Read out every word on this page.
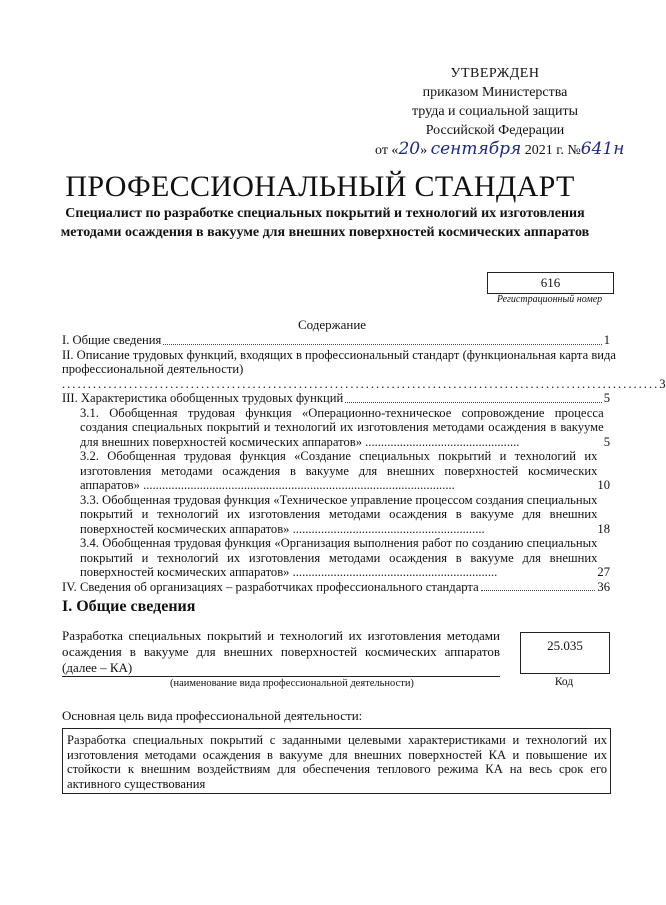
УТВЕРЖДЕН
приказом Министерства
труда и социальной защиты
Российской Федерации
от «20» сентября 2021 г. №641н
ПРОФЕССИОНАЛЬНЫЙ СТАНДАРТ
Специалист по разработке специальных покрытий и технологий их изготовления методами осаждения в вакууме для внешних поверхностей космических аппаратов
616
Регистрационный номер
Содержание
I. Общие сведения	1
II. Описание трудовых функций, входящих в профессиональный стандарт (функциональная карта вида профессиональной деятельности) .................................................................................................................... 3
III. Характеристика обобщенных трудовых функций	5
3.1. Обобщенная трудовая функция «Операционно-техническое сопровождение процесса создания специальных покрытий и технологий их изготовления методами осаждения в вакууме для внешних поверхностей космических аппаратов» .................................................	5
3.2. Обобщенная трудовая функция «Создание специальных покрытий и технологий их изготовления методами осаждения в вакууме для внешних поверхностей космических аппаратов» ...................................................................................................	10
3.3. Обобщенная трудовая функция «Техническое управление процессом создания специальных покрытий и технологий их изготовления методами осаждения в вакууме для внешних поверхностей космических аппаратов» .............................................................	18
3.4. Обобщенная трудовая функция «Организация выполнения работ по созданию специальных покрытий и технологий их изготовления методами осаждения в вакууме для внешних поверхностей космических аппаратов» .................................................................	27
IV. Сведения об организациях – разработчиках профессионального стандарта	36
I. Общие сведения
Разработка специальных покрытий и технологий их изготовления методами осаждения в вакууме для внешних поверхностей космических аппаратов (далее – КА)
(наименование вида профессиональной деятельности)
25.035
Код
Основная цель вида профессиональной деятельности:
Разработка специальных покрытий с заданными целевыми характеристиками и технологий их изготовления методами осаждения в вакууме для внешних поверхностей КА и повышение их стойкости к внешним воздействиям для обеспечения теплового режима КА на весь срок его активного существования
